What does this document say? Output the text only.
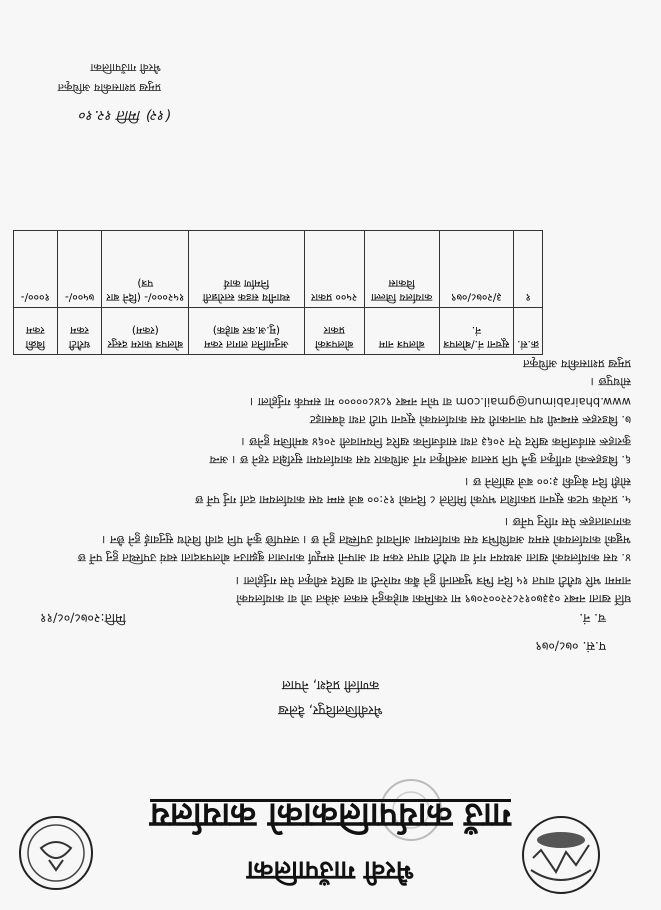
भैरवी गाउँपालिका
गाउँ कार्यपालिकाको कार्यालय
भैरवीजिलदिपुर, दैलेख
कर्णाली प्रदेश, नेपाल
प.सं. ०७८/०७९
च. नं.
मिति:२०७८/०८/११
घर्ति खाता नम्बर ०३३७०१२८२२००२०७९ मा रकमिका बाहेकहुने सकल अंकेत जो वा कार्यालयको
नाममा भरि धरौटी वापत १५ दिन भित्र भुक्तानी हुने बैंक ग्यारेन्टी वा खरिद स्वीकृत पेस गर्नुहोला ।
४. यस कार्यालयको खाता अध्ययन गर्न वा धरौटी वापत रकम वा आफ्नो सम्पूर्ण कागजात बुझाउन बोलपत्रदाता स्वयं उपस्थित हुनु पर्ने छ
भन्नुको कार्यालयको समय अवधिभित्र यस कार्यालयमा अनिवार्य उपस्थित हुने छ । जसपछि कुनै पनि दावी विरोध सुनुवाई हुने छैन ।
कागजातहरू पेस गरिनु पर्नेछ ।
५. प्रत्येक पटक सूचना प्रकाशित भएको मितिले ८ दिनको १२:०० बजे सम्म यस कार्यालयमा दर्ता गर्नु पर्ने छ
सोही दिन बेलुकी ३:०० बजे खोलिने छ ।
६. बिडहरूको वर्गीकृत कुनै पनि प्रस्ताव अस्वीकृत गर्ने अधिकार यस कार्यालयमा सुरक्षित रहने छ । अन्य
कुराहरू सार्वजनिक खरिद ऐन २०६३ तथा सार्वजनिक खरिद नियमावली २०६४ बमोजिम हुनेछ ।
७. बिडरहरू सम्बन्धी थप जानकारी यस कार्यालयको सूचना पाटी तथा वेबसाइट
www.bhairabimun@gmail.com वा फोन नम्बर ९८४८००००० मा सम्पर्क गर्नुहोला ।
सोधपुछ ।
प्रमुख प्रशासकीय अधिकृत
क्र.सं.	सूचना नं./बोलपत्र नं.	बोलपत्र नाम	बोलपत्रको प्रकार	अनुमानित लागत रकम (मु.अ.कर बाहेक)	बोलपत्र फारम दस्तुर (रकम)	धरौटी रकम	बिक्री रकम
१	३/२०७८/०७९	कार्यालय जिल्ला विकास	२५०० प्रकार	स्थानीय सडक स्तरोन्नती निर्माण कार्य	१५२०००/- (दिने बार पत्र)	७५००/-	१०००/-
(१२) मिति १२.१०
प्रमुख प्रशासकीय अधिकृत
भैरवी गाउँपालिका
